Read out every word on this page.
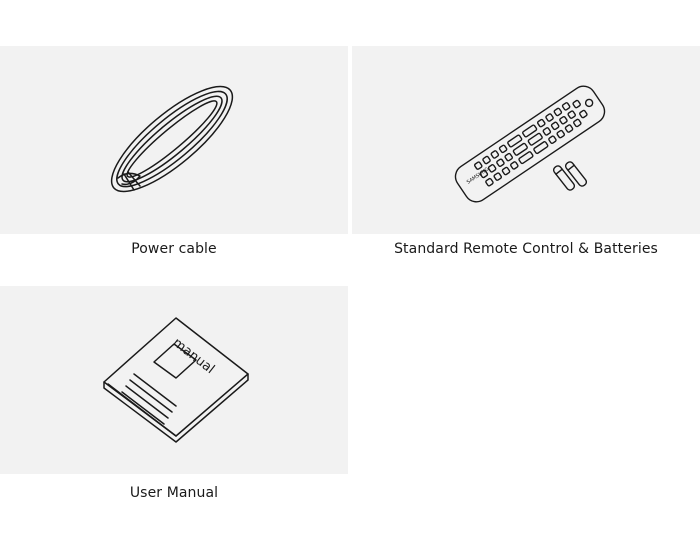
Power cable
SAMSUNG
Standard Remote Control & Batteries
manual
User Manual
